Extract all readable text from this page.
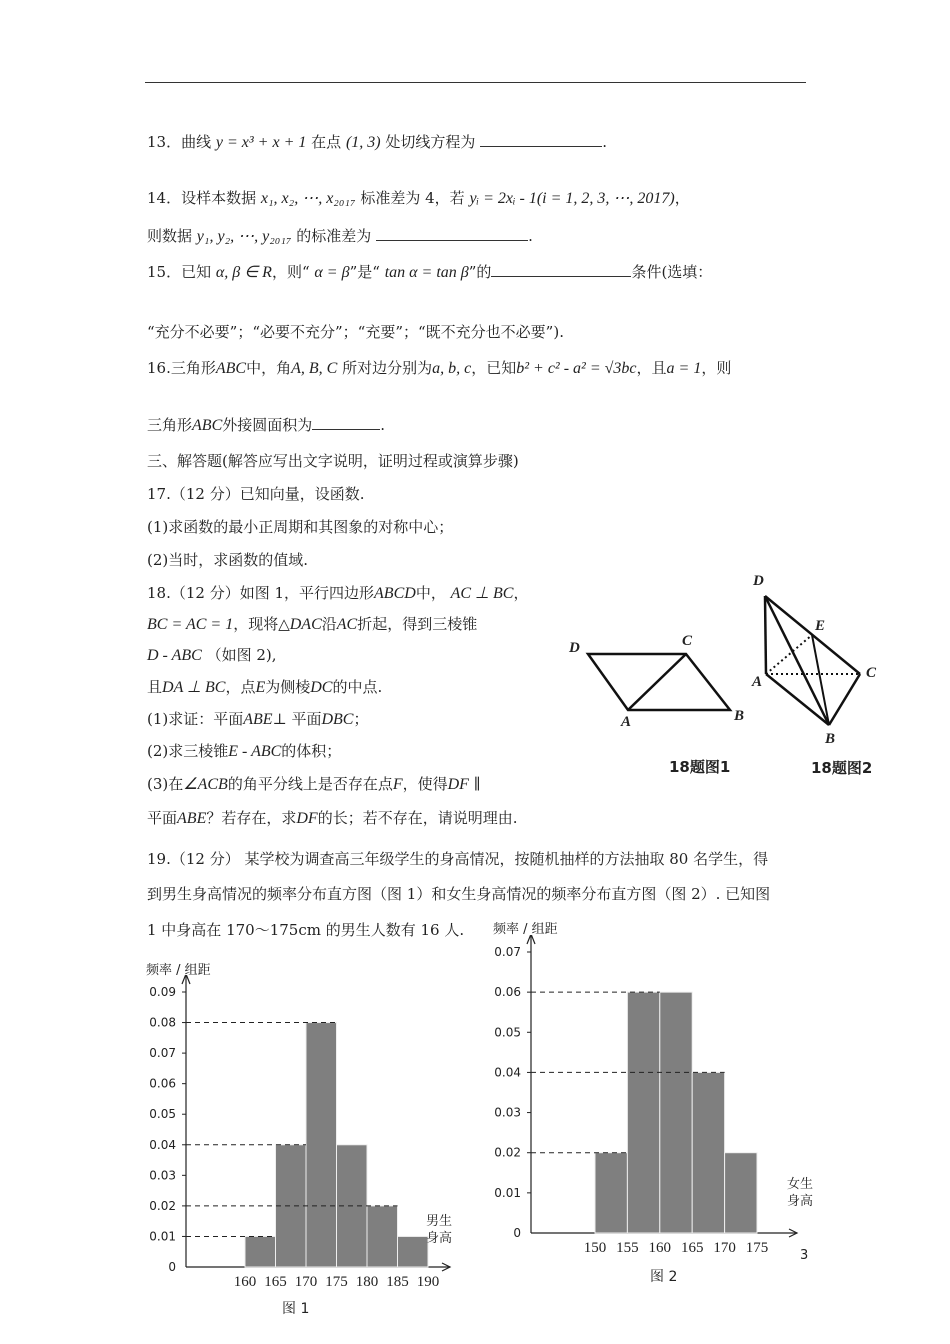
13．曲线 y = x³ + x + 1 在点 (1, 3) 处切线方程为	.
14．设样本数据 x₁, x₂, ⋯, x₂₀₁₇ 标准差为 4，若 yᵢ = 2xᵢ - 1(i = 1, 2, 3, ⋯, 2017)，
则数据 y₁, y₂, ⋯, y₂₀₁₇ 的标准差为	.
15．已知 α, β ∈ R，则“ α = β”是“ tan α = tan β”的	条件(选填：
“充分不必要”；“必要不充分”；“充要”；“既不充分也不必要”).
16.三角形ABC中，角A, B, C 所对边分别为a, b, c，已知b² + c² - a² = √3bc，且a = 1，则
三角形ABC外接圆面积为	.
三、解答题(解答应写出文字说明，证明过程或演算步骤)
17.（12 分）已知向量，设函数.
(1)求函数的最小正周期和其图象的对称中心；
(2)当时，求函数的值域.
18.（12 分）如图 1，平行四边形ABCD中， AC ⊥ BC，
BC = AC = 1，现将△DAC沿AC折起，得到三棱锥
D - ABC （如图 2),
且DA ⊥ BC，点E为侧棱DC的中点.
(1)求证：平面ABE⊥ 平面DBC；
(2)求三棱锥E - ABC的体积；
(3)在∠ACB的角平分线上是否存在点F，使得DF ∥
平面ABE？若存在，求DF的长；若不存在，请说明理由.
D	C
A	B
18题图1
D
E
A
C
B
18题图2
19.（12 分） 某学校为调查高三年级学生的身高情况，按随机抽样的方法抽取 80 名学生，得
到男生身高情况的频率分布直方图（图 1）和女生身高情况的频率分布直方图（图 2）. 已知图
1 中身高在 170～175cm 的男生人数有 16 人.
频率 / 组距
0
0.01
0.02
0.03
0.04
0.05
0.06
0.07
0.08
0.09
160 165 170 175 180 185 190
男生身高
图 1
频率 / 组距
0
0.01
0.02
0.03
0.04
0.05
0.06
0.07
150 155 160 165 170 175
女生身高
图 2
3
